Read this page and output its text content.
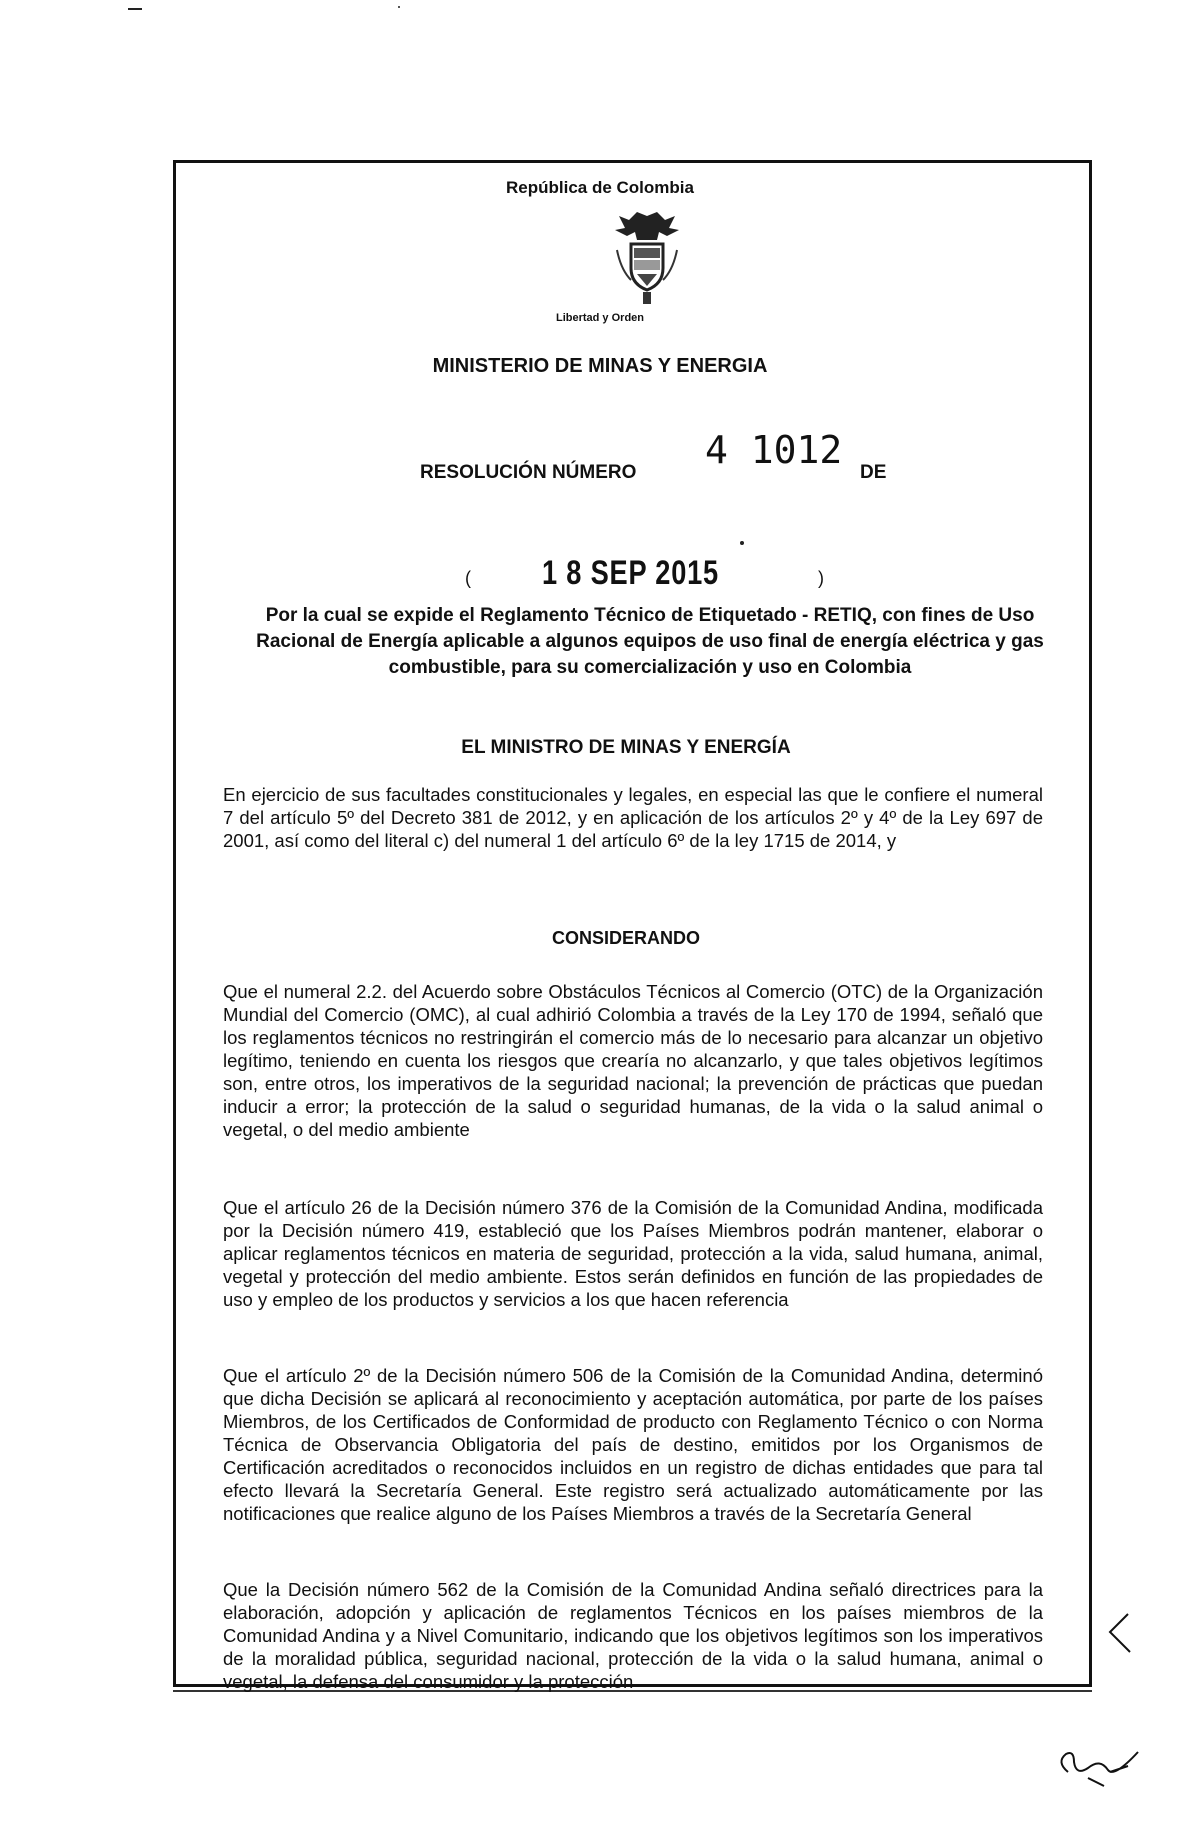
República de Colombia
Libertad y Orden
MINISTERIO DE MINAS Y ENERGIA
RESOLUCIÓN NÚMERO
4 1012
DE
( 1 8 SEP 2015	)
Por la cual se expide el Reglamento Técnico de Etiquetado - RETIQ, con fines de Uso Racional de Energía aplicable a algunos equipos de uso final de energía eléctrica y gas combustible, para su comercialización y uso en Colombia
EL MINISTRO DE MINAS Y ENERGÍA
En ejercicio de sus facultades constitucionales y legales, en especial las que le confiere el numeral 7 del artículo 5º del Decreto 381 de 2012, y en aplicación de los artículos 2º y 4º de la Ley 697 de 2001, así como del literal c) del numeral 1 del artículo 6º de la ley 1715 de 2014, y
CONSIDERANDO
Que el numeral 2.2. del Acuerdo sobre Obstáculos Técnicos al Comercio (OTC) de la Organización Mundial del Comercio (OMC), al cual adhirió Colombia a través de la Ley 170 de 1994, señaló que los reglamentos técnicos no restringirán el comercio más de lo necesario para alcanzar un objetivo legítimo, teniendo en cuenta los riesgos que crearía no alcanzarlo, y que tales objetivos legítimos son, entre otros, los imperativos de la seguridad nacional; la prevención de prácticas que puedan inducir a error; la protección de la salud o seguridad humanas, de la vida o la salud animal o vegetal, o del medio ambiente
Que el artículo 26 de la Decisión número 376 de la Comisión de la Comunidad Andina, modificada por la Decisión número 419, estableció que los Países Miembros podrán mantener, elaborar o aplicar reglamentos técnicos en materia de seguridad, protección a la vida, salud humana, animal, vegetal y protección del medio ambiente. Estos serán definidos en función de las propiedades de uso y empleo de los productos y servicios a los que hacen referencia
Que el artículo 2º de la Decisión número 506 de la Comisión de la Comunidad Andina, determinó que dicha Decisión se aplicará al reconocimiento y aceptación automática, por parte de los países Miembros, de los Certificados de Conformidad de producto con Reglamento Técnico o con Norma Técnica de Observancia Obligatoria del país de destino, emitidos por los Organismos de Certificación acreditados o reconocidos incluidos en un registro de dichas entidades que para tal efecto llevará la Secretaría General. Este registro será actualizado automáticamente por las notificaciones que realice alguno de los Países Miembros a través de la Secretaría General
Que la Decisión número 562 de la Comisión de la Comunidad Andina señaló directrices para la elaboración, adopción y aplicación de reglamentos Técnicos en los países miembros de la Comunidad Andina y a Nivel Comunitario, indicando que los objetivos legítimos son los imperativos de la moralidad pública, seguridad nacional, protección de la vida o la salud humana, animal o vegetal, la defensa del consumidor y la protección
